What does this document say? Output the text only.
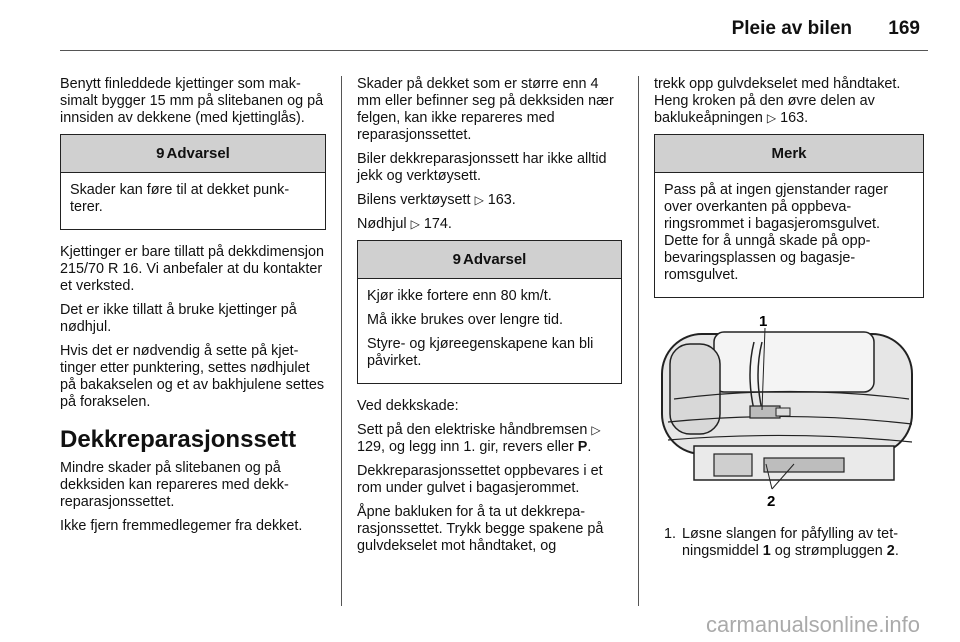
Pleie av bilen 169

Benytt finleddede kjettinger som maksimalt bygger 15 mm på slitebanen og på innsiden av dekkene (med kjettinglås).

9 Advarsel

Skader kan føre til at dekket punkterer.

Kjettinger er bare tillatt på dekkdimensjon 215/70 R 16. Vi anbefaler at du kontakter et verksted.

Det er ikke tillatt å bruke kjettinger på nødhjul.

Hvis det er nødvendig å sette på kjettinger etter punktering, settes nødhjulet på bakakselen og et av bakhjulene settes på forakselen.

Dekkreparasjonssett

Mindre skader på slitebanen og på dekksiden kan repareres med dekkreparasjonssettet.

Ikke fjern fremmedlegemer fra dekket.

Skader på dekket som er større enn 4 mm eller befinner seg på dekksiden nær felgen, kan ikke repareres med reparasjonssettet.

Biler dekkreparasjonssett har ikke alltid jekk og verktøysett.

Bilens verktøysett ▷ 163.

Nødhjul ▷ 174.

9 Advarsel

Kjør ikke fortere enn 80 km/t.

Må ikke brukes over lengre tid.

Styre- og kjøreegenskapene kan bli påvirket.

Ved dekkskade:

Sett på den elektriske håndbremsen ▷ 129, og legg inn 1. gir, revers eller P.

Dekkreparasjonssettet oppbevares i et rom under gulvet i bagasjerommet.

Åpne bakluken for å ta ut dekkreparasjonssettet. Trykk begge spakene på gulvdekselet mot håndtaket, og

trekk opp gulvdekselet med håndtaket. Heng kroken på den øvre delen av baklukeåpningen ▷ 163.

Merk

Pass på at ingen gjenstander rager over overkanten på oppbevaringsrommet i bagasjeromsgulvet. Dette for å unngå skade på oppbevaringsplassen og bagasjeromsgulvet.

1
2
1. Løsne slangen for påfylling av tetningsmiddel 1 og strømpluggen 2.
carmanualsonline.info
